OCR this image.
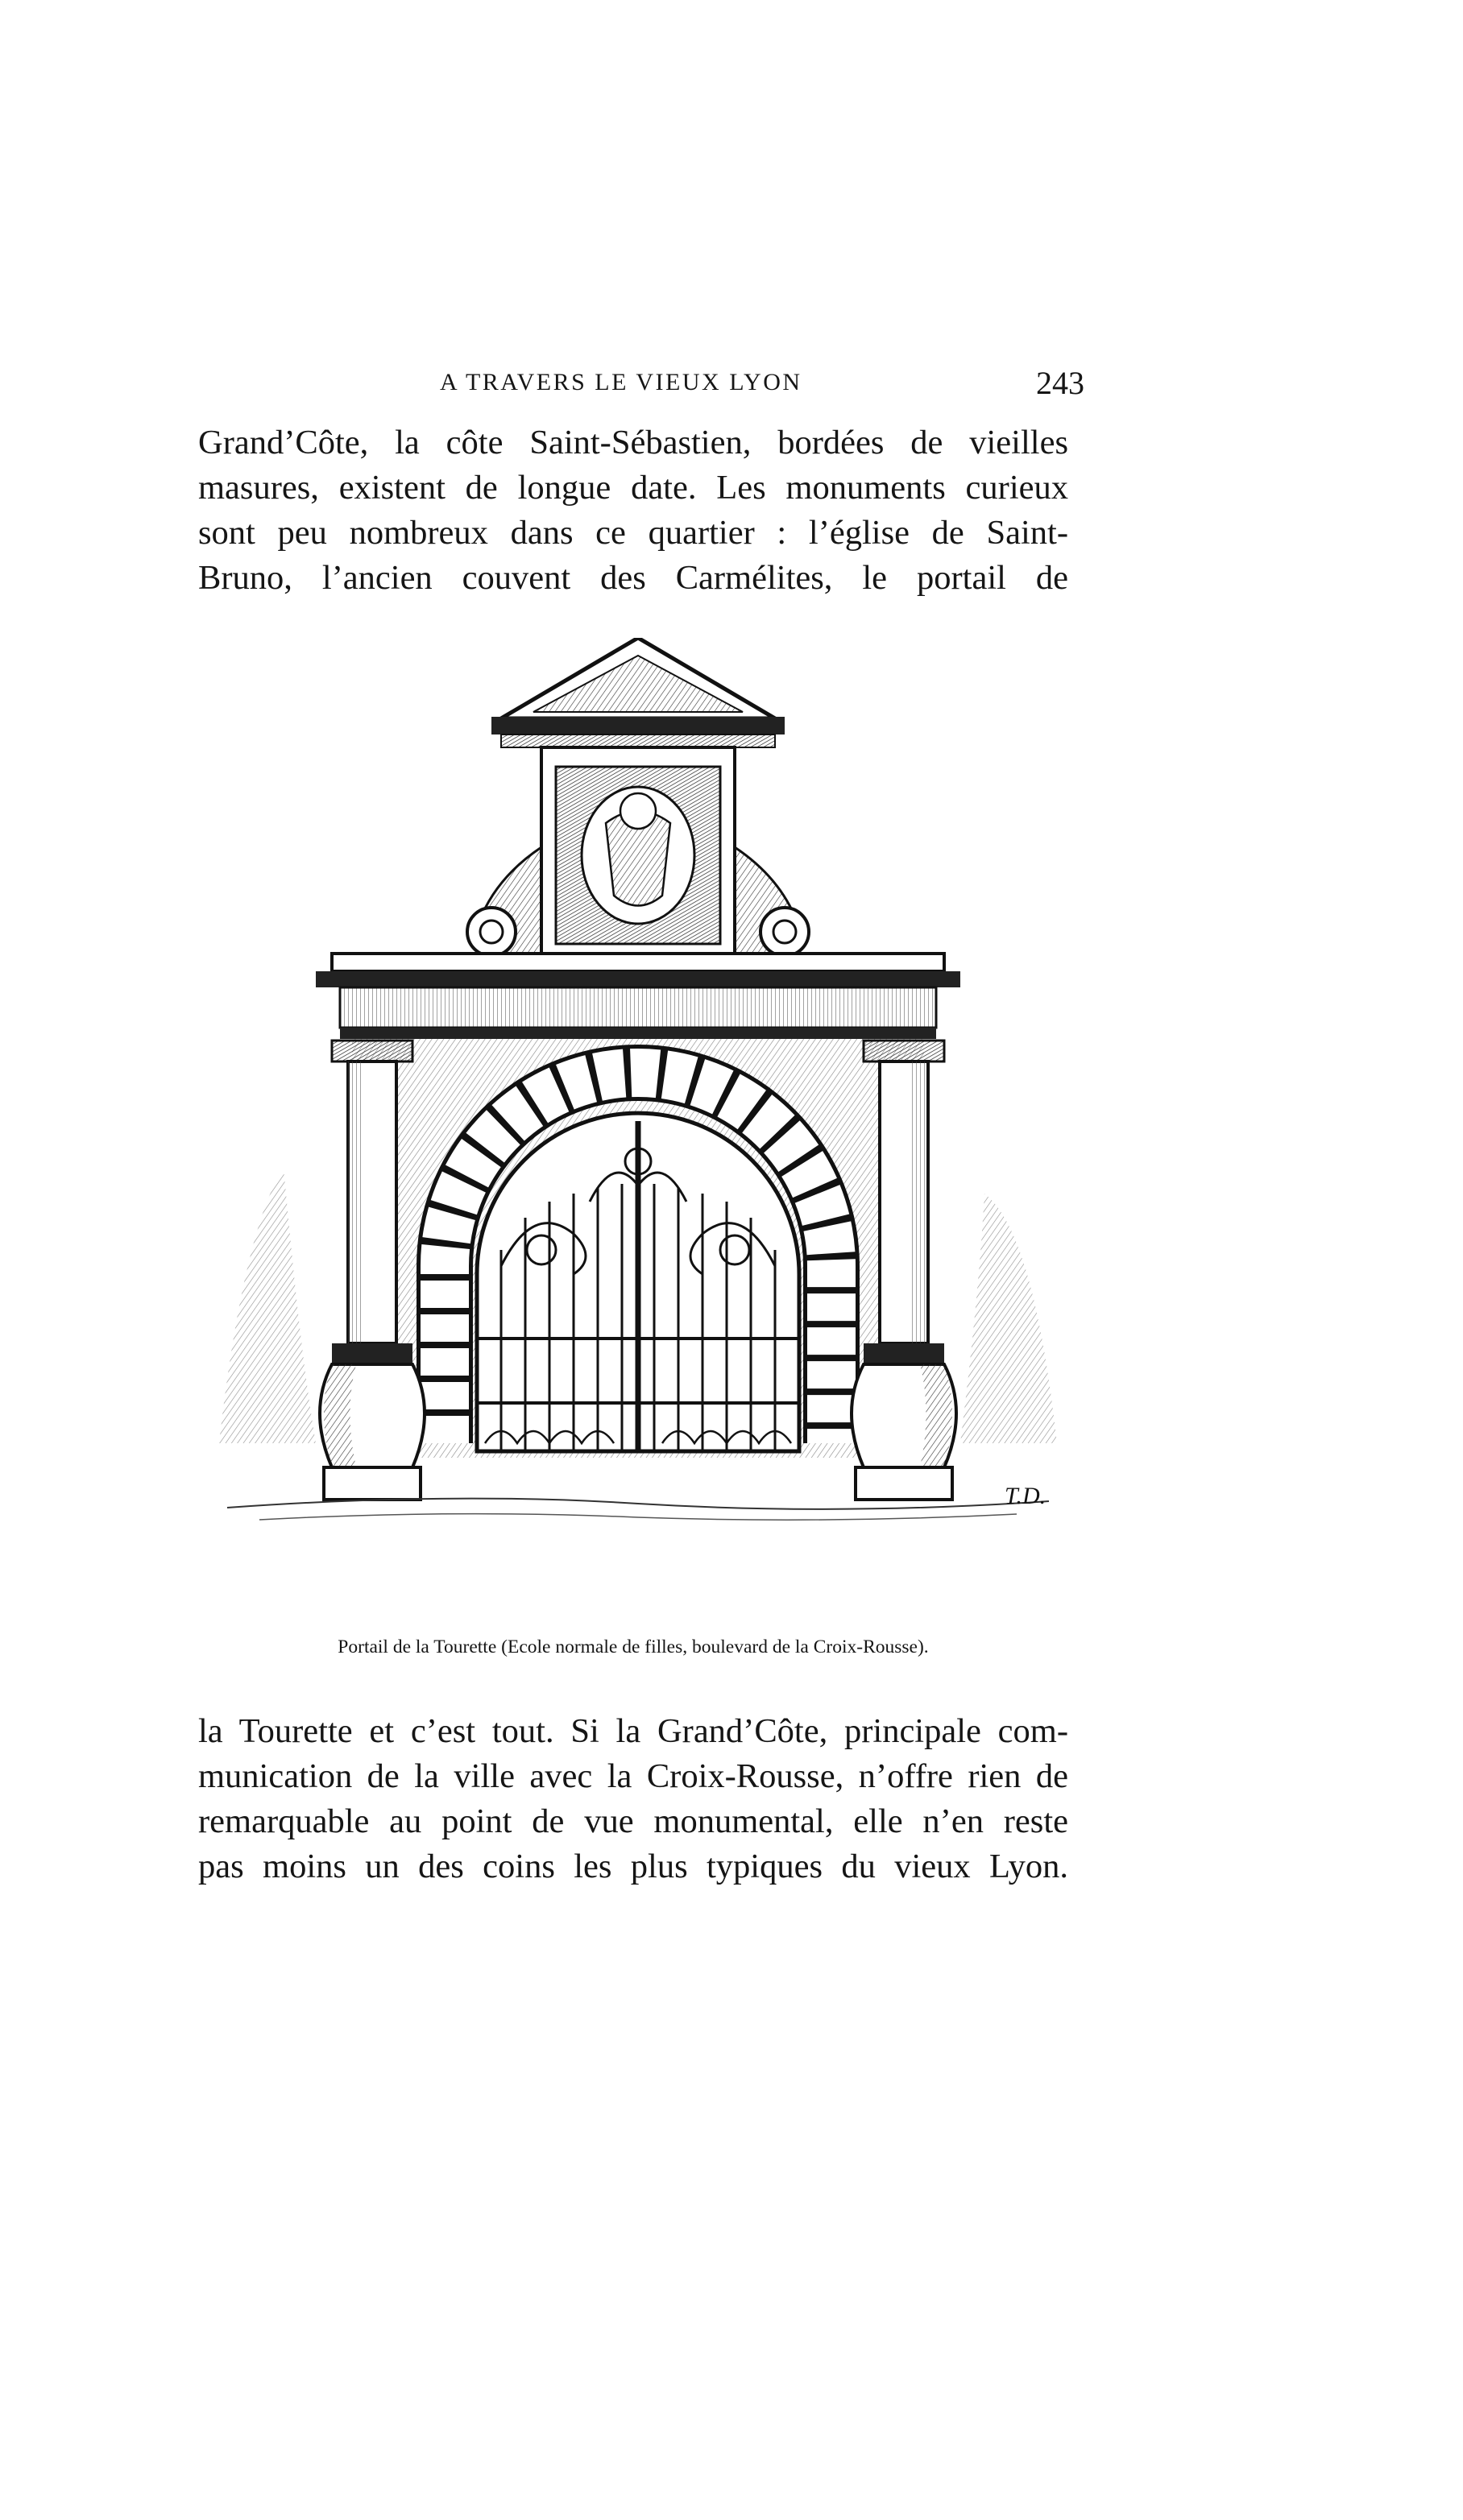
A TRAVERS LE VIEUX LYON	243
Grand’Côte, la côte Saint-Sébastien, bordées de vieilles
masures, existent de longue date. Les monuments curieux
sont peu nombreux dans ce quartier : l’église de Saint-
Bruno, l’ancien couvent des Carmélites, le portail de
T.D.
Portail de la Tourette (Ecole normale de filles, boulevard de la Croix-Rousse).
la Tourette et c’est tout. Si la Grand’Côte, principale com-
munication de la ville avec la Croix-Rousse, n’offre rien de
remarquable au point de vue monumental, elle n’en reste
pas moins un des coins les plus typiques du vieux Lyon.
